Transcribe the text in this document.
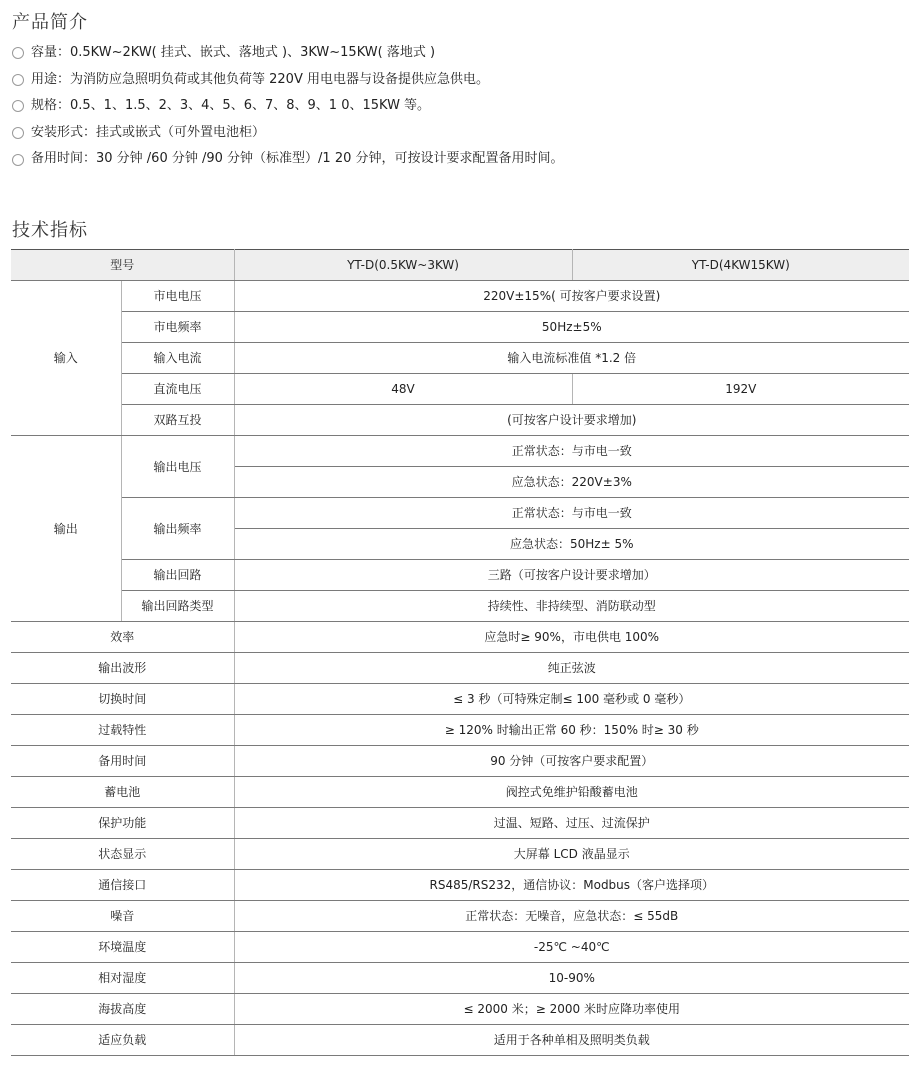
产品简介
容量：0.5KW~2KW( 挂式、嵌式、落地式 )、3KW~15KW( 落地式 )
用途：为消防应急照明负荷或其他负荷等 220V 用电电器与设备提供应急供电。
规格：0.5、1、1.5、2、3、4、5、6、7、8、9、1 0、15KW 等。
安装形式：挂式或嵌式（可外置电池柜）
备用时间：30 分钟 /60 分钟 /90 分钟（标准型）/1 20 分钟，可按设计要求配置备用时间。
技术指标
型号		YT-D(0.5KW~3KW)	YT-D(4KW15KW)
输入	市电电压	220V±15%( 可按客户要求设置)	
	市电频率	50Hz±5%	
	输入电流	输入电流标准值 *1.2 倍	
	直流电压	48V	192V
	双路互投	(可按客户设计要求增加)	
输出	输出电压	正常状态：与市电一致	
		应急状态：220V±3%	
	输出频率	正常状态：与市电一致	
		应急状态：50Hz± 5%	
	输出回路	三路（可按客户设计要求增加）	
	输出回路类型	持续性、非持续型、消防联动型	
效率		应急时≥ 90%，市电供电 100%	
输出波形		纯正弦波	
切换时间		≤ 3 秒（可特殊定制≤ 100 毫秒或 0 毫秒）	
过载特性		≥ 120% 时输出正常 60 秒：150% 时≥ 30 秒	
备用时间		90 分钟（可按客户要求配置）	
蓄电池		阀控式免维护铅酸蓄电池	
保护功能		过温、短路、过压、过流保护	
状态显示		大屏幕 LCD 液晶显示	
通信接口		RS485/RS232，通信协议：Modbus（客户选择项）	
噪音		正常状态：无噪音，应急状态：≤ 55dB	
环境温度		-25℃ ~40℃	
相对湿度		10-90%	
海拔高度		≤ 2000 米；≥ 2000 米时应降功率使用	
适应负载		适用于各种单相及照明类负载	
